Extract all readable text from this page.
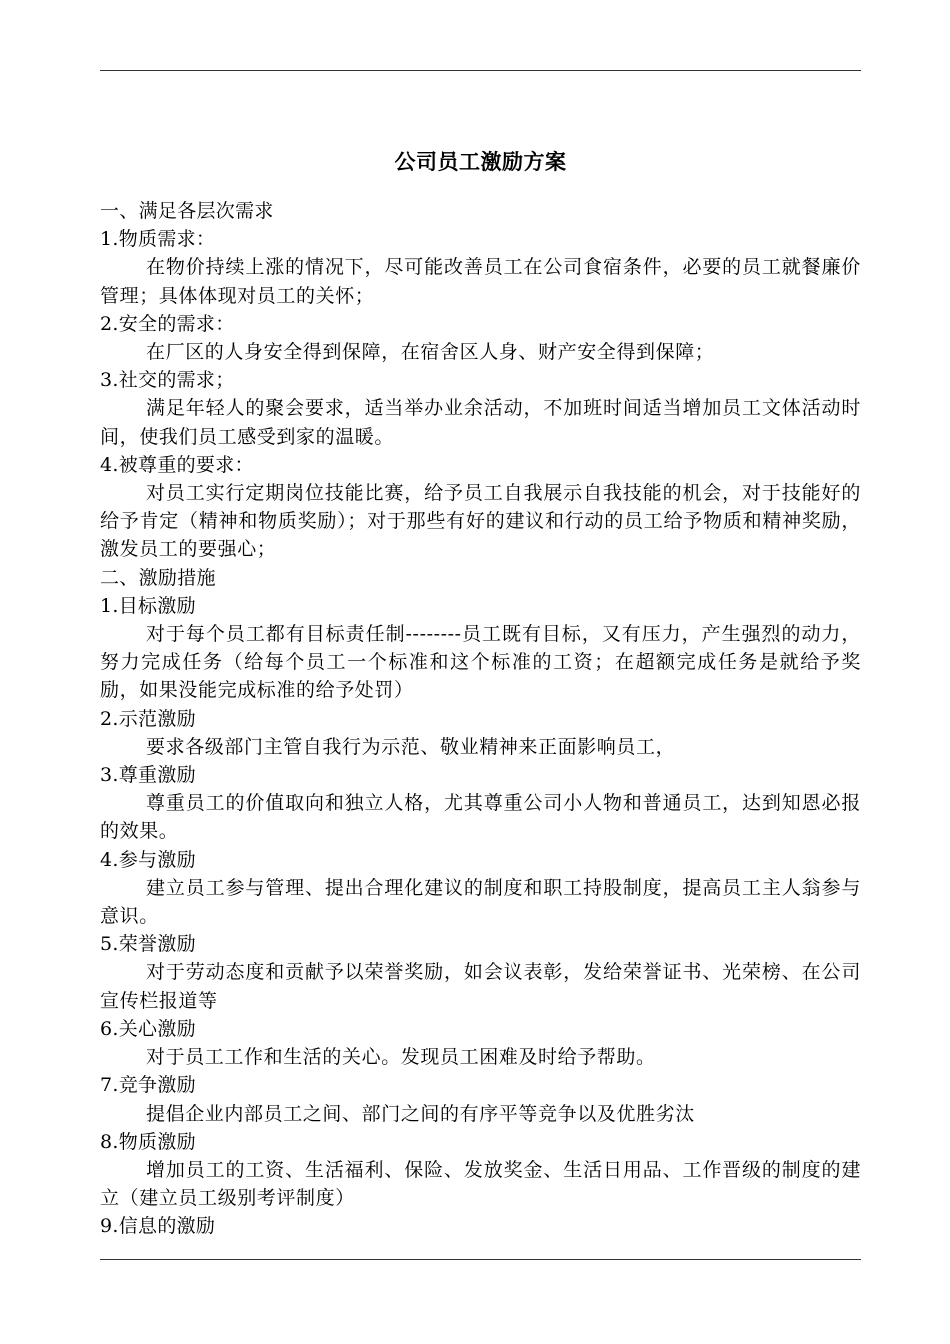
公司员工激励方案

一、满足各层次需求

1.物质需求：

在物价持续上涨的情况下，尽可能改善员工在公司食宿条件，必要的员工就餐廉价管理；具体体现对员工的关怀；

2.安全的需求：

在厂区的人身安全得到保障，在宿舍区人身、财产安全得到保障；

3.社交的需求；

满足年轻人的聚会要求，适当举办业余活动，不加班时间适当增加员工文体活动时间，使我们员工感受到家的温暖。

4.被尊重的要求：

对员工实行定期岗位技能比赛，给予员工自我展示自我技能的机会，对于技能好的给予肯定（精神和物质奖励）；对于那些有好的建议和行动的员工给予物质和精神奖励，激发员工的要强心；

二、激励措施

1.目标激励

对于每个员工都有目标责任制--------员工既有目标，又有压力，产生强烈的动力，努力完成任务（给每个员工一个标准和这个标准的工资；在超额完成任务是就给予奖励，如果没能完成标准的给予处罚）

2.示范激励

要求各级部门主管自我行为示范、敬业精神来正面影响员工，

3.尊重激励

尊重员工的价值取向和独立人格，尤其尊重公司小人物和普通员工，达到知恩必报的效果。

4.参与激励

建立员工参与管理、提出合理化建议的制度和职工持股制度，提高员工主人翁参与意识。

5.荣誉激励

对于劳动态度和贡献予以荣誉奖励，如会议表彰，发给荣誉证书、光荣榜、在公司宣传栏报道等

6.关心激励

对于员工工作和生活的关心。发现员工困难及时给予帮助。

7.竞争激励

提倡企业内部员工之间、部门之间的有序平等竞争以及优胜劣汰

8.物质激励

增加员工的工资、生活福利、保险、发放奖金、生活日用品、工作晋级的制度的建立（建立员工级别考评制度）

9.信息的激励
